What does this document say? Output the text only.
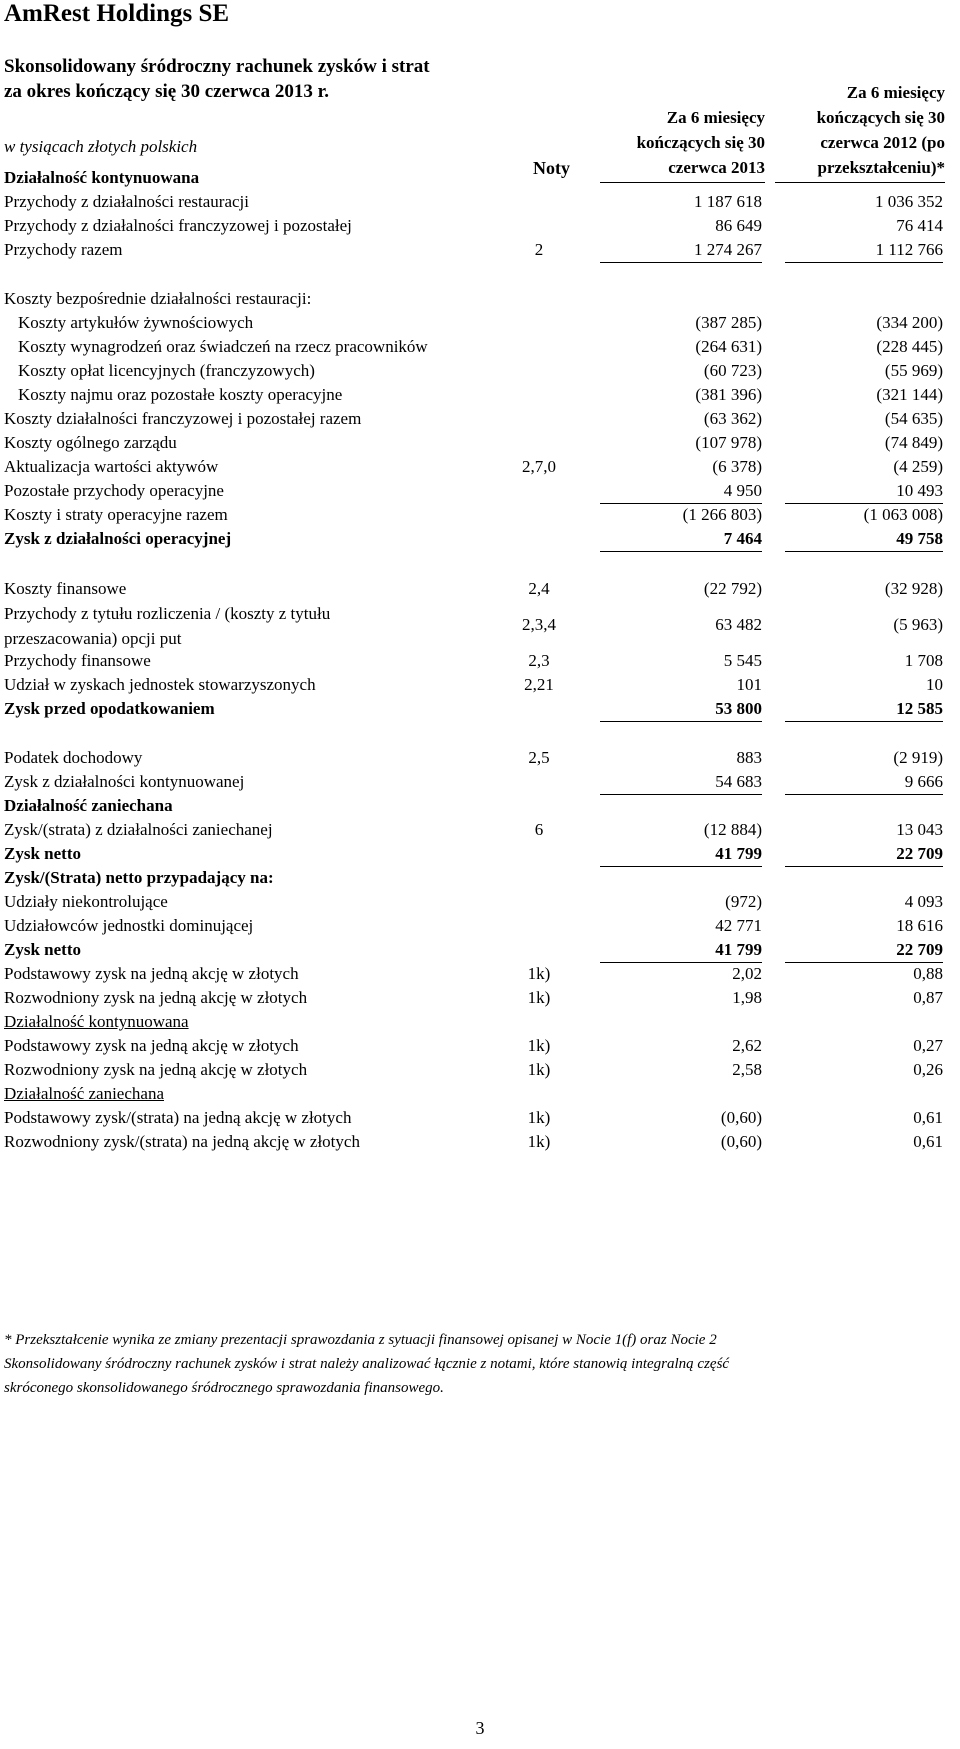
AmRest Holdings SE
Skonsolidowany śródroczny rachunek zysków i strat
za okres kończący się 30 czerwca 2013 r.
w tysiącach złotych polskich
Noty
Za 6 miesięcy
kończących się 30
czerwca 2013
Za 6 miesięcy
kończących się 30
czerwca 2012 (po
przekształceniu)*
Działalność kontynuowana
Przychody z działalności restauracji	1 187 618	1 036 352
Przychody z działalności franczyzowej i pozostałej	86 649	76 414
Przychody razem	2	1 274 267	1 112 766
Koszty bezpośrednie działalności restauracji:
Koszty artykułów żywnościowych	(387 285)	(334 200)
Koszty wynagrodzeń oraz świadczeń na rzecz pracowników	(264 631)	(228 445)
Koszty opłat licencyjnych (franczyzowych)	(60 723)	(55 969)
Koszty najmu oraz pozostałe koszty operacyjne	(381 396)	(321 144)
Koszty działalności franczyzowej i pozostałej razem	(63 362)	(54 635)
Koszty ogólnego zarządu	(107 978)	(74 849)
Aktualizacja wartości aktywów	2,7,0	(6 378)	(4 259)
Pozostałe przychody operacyjne	4 950	10 493
Koszty i straty operacyjne razem	(1 266 803)	(1 063 008)
Zysk z działalności operacyjnej	7 464	49 758
Koszty finansowe	2,4	(22 792)	(32 928)
Przychody z tytułu rozliczenia / (koszty z tytułu
przeszacowania) opcji put
2,3,4	63 482	(5 963)
Przychody finansowe	2,3	5 545	1 708
Udział w zyskach jednostek stowarzyszonych	2,21	101	10
Zysk przed opodatkowaniem	53 800	12 585
Podatek dochodowy	2,5	883	(2 919)
Zysk z działalności kontynuowanej	54 683	9 666
Działalność zaniechana
Zysk/(strata) z działalności zaniechanej	6	(12 884)	13 043
Zysk netto	41 799	22 709
Zysk/(Strata) netto przypadający na:
Udziały niekontrolujące	(972)	4 093
Udziałowców jednostki dominującej	42 771	18 616
Zysk netto	41 799	22 709
Podstawowy zysk na jedną akcję w złotych	1k)	2,02	0,88
Rozwodniony zysk na jedną akcję w złotych	1k)	1,98	0,87
Działalność kontynuowana
Podstawowy zysk na jedną akcję w złotych	1k)	2,62	0,27
Rozwodniony zysk na jedną akcję w złotych	1k)	2,58	0,26
Działalność zaniechana
Podstawowy zysk/(strata) na jedną akcję w złotych	1k)	(0,60)	0,61
Rozwodniony zysk/(strata) na jedną akcję w złotych	1k)	(0,60)	0,61
* Przekształcenie wynika ze zmiany prezentacji sprawozdania z sytuacji finansowej opisanej w Nocie 1(f) oraz Nocie 2
Skonsolidowany śródroczny rachunek zysków i strat należy analizować łącznie z notami, które stanowią integralną część
skróconego skonsolidowanego śródrocznego sprawozdania finansowego.
3
